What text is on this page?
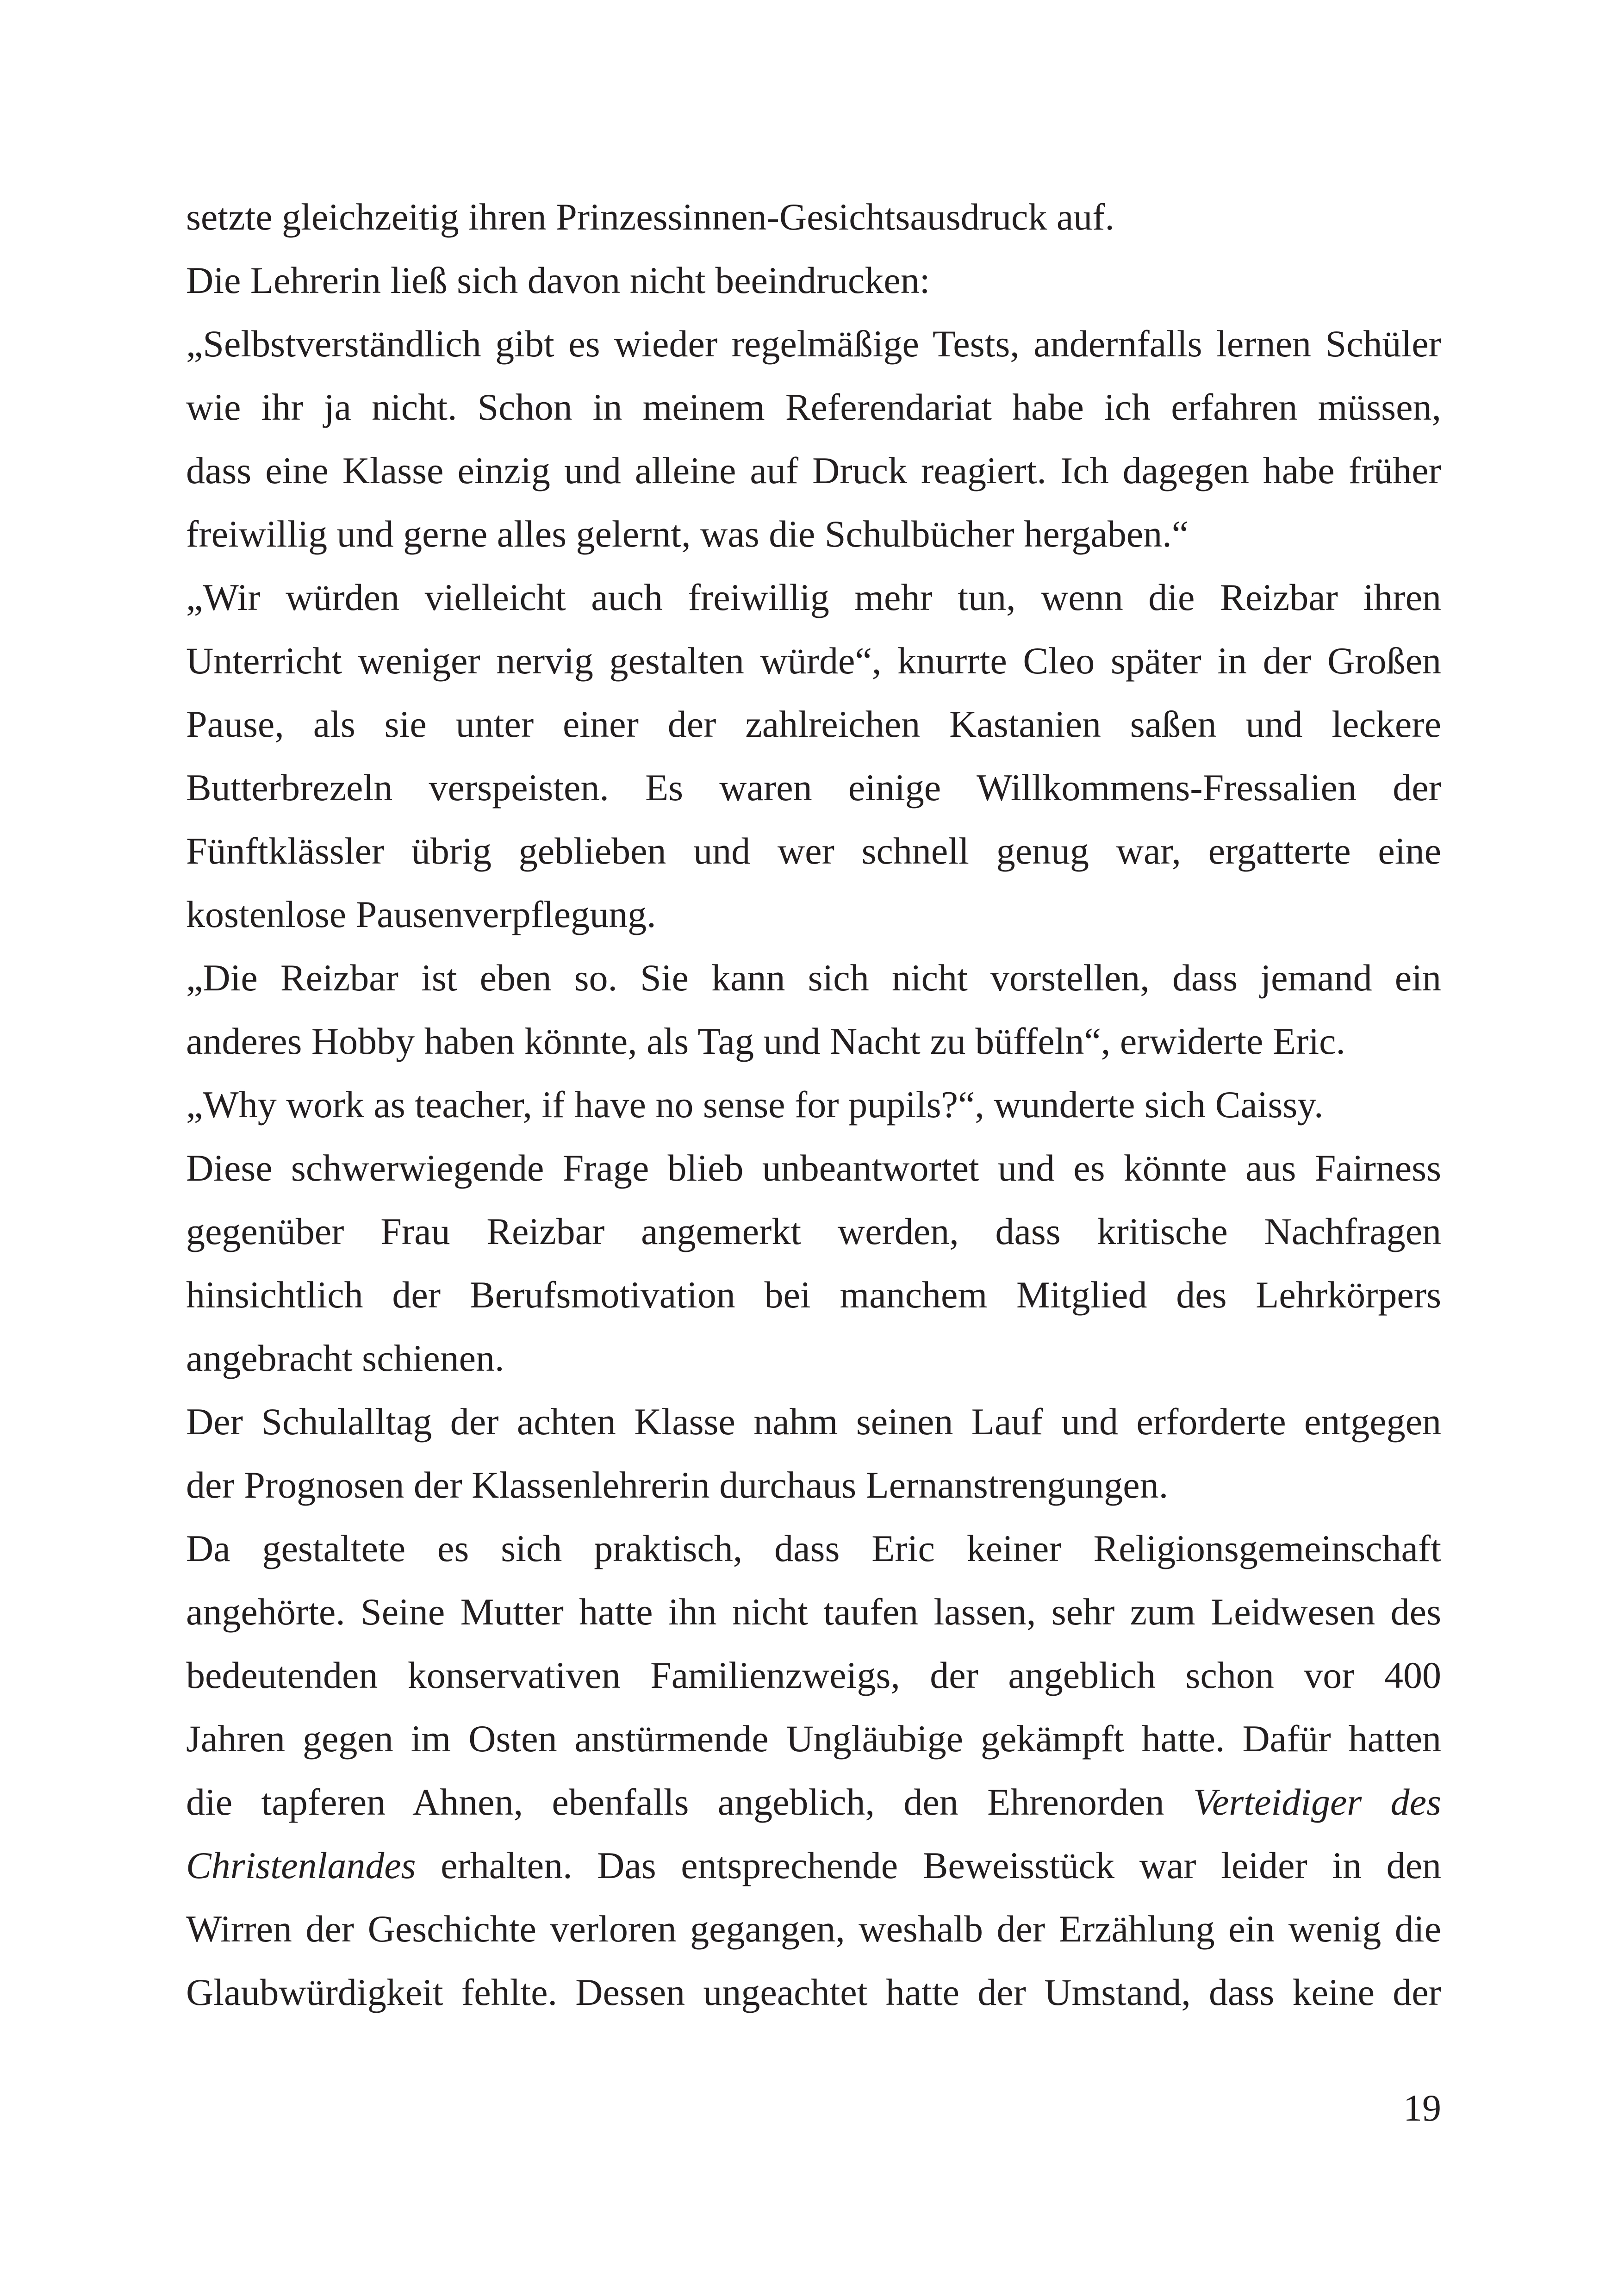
setzte gleichzeitig ihren Prinzessinnen-Gesichtsausdruck auf.
Die Lehrerin ließ sich davon nicht beeindrucken:
„Selbstverständlich gibt es wieder regelmäßige Tests, andernfalls lernen Schüler
wie ihr ja nicht. Schon in meinem Referendariat habe ich erfahren müssen,
dass eine Klasse einzig und alleine auf Druck reagiert. Ich dagegen habe früher
freiwillig und gerne alles gelernt, was die Schulbücher hergaben.“
„Wir würden vielleicht auch freiwillig mehr tun, wenn die Reizbar ihren
Unterricht weniger nervig gestalten würde“, knurrte Cleo später in der Großen
Pause, als sie unter einer der zahlreichen Kastanien saßen und leckere
Butterbrezeln verspeisten. Es waren einige Willkommens-Fressalien der
Fünftklässler übrig geblieben und wer schnell genug war, ergatterte eine
kostenlose Pausenverpflegung.
„Die Reizbar ist eben so. Sie kann sich nicht vorstellen, dass jemand ein
anderes Hobby haben könnte, als Tag und Nacht zu büffeln“, erwiderte Eric.
„Why work as teacher, if have no sense for pupils?“, wunderte sich Caissy.
Diese schwerwiegende Frage blieb unbeantwortet und es könnte aus Fairness
gegenüber Frau Reizbar angemerkt werden, dass kritische Nachfragen
hinsichtlich der Berufsmotivation bei manchem Mitglied des Lehrkörpers
angebracht schienen.
Der Schulalltag der achten Klasse nahm seinen Lauf und erforderte entgegen
der Prognosen der Klassenlehrerin durchaus Lernanstrengungen.
Da gestaltete es sich praktisch, dass Eric keiner Religionsgemeinschaft
angehörte. Seine Mutter hatte ihn nicht taufen lassen, sehr zum Leidwesen des
bedeutenden konservativen Familienzweigs, der angeblich schon vor 400
Jahren gegen im Osten anstürmende Ungläubige gekämpft hatte. Dafür hatten
die tapferen Ahnen, ebenfalls angeblich, den Ehrenorden Verteidiger des
Christenlandes erhalten. Das entsprechende Beweisstück war leider in den
Wirren der Geschichte verloren gegangen, weshalb der Erzählung ein wenig die
Glaubwürdigkeit fehlte. Dessen ungeachtet hatte der Umstand, dass keine der
19
